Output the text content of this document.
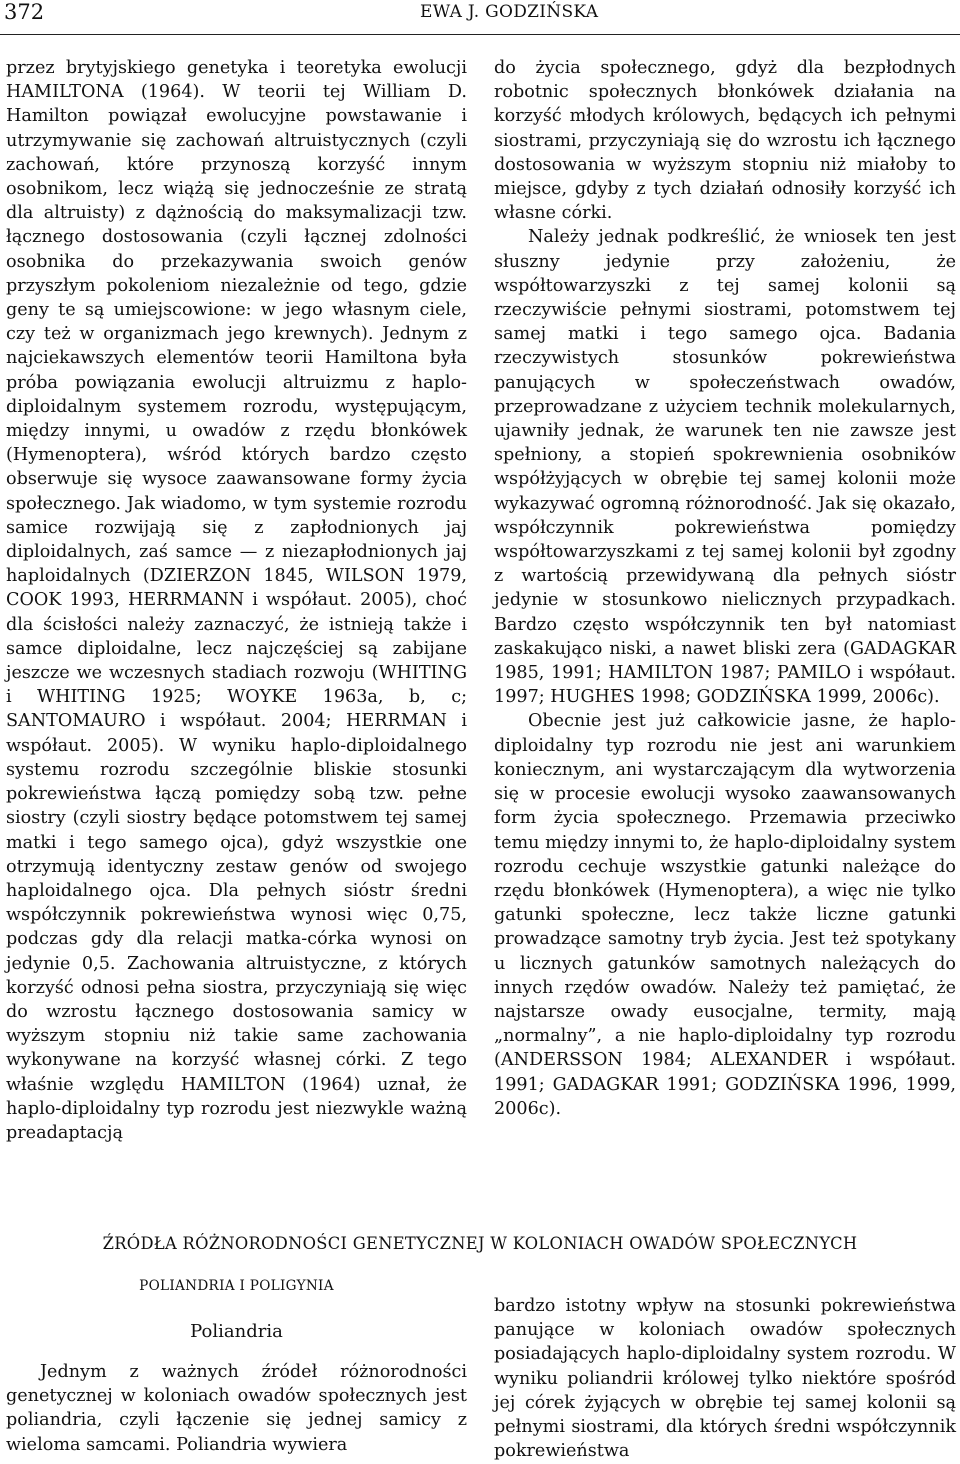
372	EWA J. GODZIŃSKA

przez brytyjskiego genetyka i teoretyka ewolucji HAMILTONA (1964). W teorii tej William D. Hamilton powiązał ewolucyjne powstawanie i utrzymywanie się zachowań altruistycznych (czyli zachowań, które przynoszą korzyść innym osobnikom, lecz wiążą się jednocześnie ze stratą dla altruisty) z dążnością do maksymalizacji tzw. łącznego dostosowania (czyli łącznej zdolności osobnika do przekazywania swoich genów przyszłym pokoleniom niezależnie od tego, gdzie geny te są umiejscowione: w jego własnym ciele, czy też w organizmach jego krewnych). Jednym z najciekawszych elementów teorii Hamiltona była próba powiązania ewolucji altruizmu z haplo-diploidalnym systemem rozrodu, występującym, między innymi, u owadów z rzędu błonkówek (Hymenoptera), wśród których bardzo często obserwuje się wysoce zaawansowane formy życia społecznego. Jak wiadomo, w tym systemie rozrodu samice rozwijają się z zapłodnionych jaj diploidalnych, zaś samce — z niezapłodnionych jaj haploidalnych (DZIERZON 1845, WILSON 1979, COOK 1993, HERRMANN i współaut. 2005), choć dla ścisłości należy zaznaczyć, że istnieją także i samce diploidalne, lecz najczęściej są zabijane jeszcze we wczesnych stadiach rozwoju (WHITING i WHITING 1925; WOYKE 1963a, b, c; SANTOMAURO i współaut. 2004; HERRMAN i współaut. 2005). W wyniku haplo-diploidalnego systemu rozrodu szczególnie bliskie stosunki pokrewieństwa łączą pomiędzy sobą tzw. pełne siostry (czyli siostry będące potomstwem tej samej matki i tego samego ojca), gdyż wszystkie one otrzymują identyczny zestaw genów od swojego haploidalnego ojca. Dla pełnych sióstr średni współczynnik pokrewieństwa wynosi więc 0,75, podczas gdy dla relacji matka-córka wynosi on jedynie 0,5. Zachowania altruistyczne, z których korzyść odnosi pełna siostra, przyczyniają się więc do wzrostu łącznego dostosowania samicy w wyższym stopniu niż takie same zachowania wykonywane na korzyść własnej córki. Z tego właśnie względu HAMILTON (1964) uznał, że haplo-diploidalny typ rozrodu jest niezwykle ważną preadaptacją

do życia społecznego, gdyż dla bezpłodnych robotnic społecznych błonkówek działania na korzyść młodych królowych, będących ich pełnymi siostrami, przyczyniają się do wzrostu ich łącznego dostosowania w wyższym stopniu niż miałoby to miejsce, gdyby z tych działań odnosiły korzyść ich własne córki.

Należy jednak podkreślić, że wniosek ten jest słuszny jedynie przy założeniu, że współtowarzyszki z tej samej kolonii są rzeczywiście pełnymi siostrami, potomstwem tej samej matki i tego samego ojca. Badania rzeczywistych stosunków pokrewieństwa panujących w społeczeństwach owadów, przeprowadzane z użyciem technik molekularnych, ujawniły jednak, że warunek ten nie zawsze jest spełniony, a stopień spokrewnienia osobników współżyjących w obrębie tej samej kolonii może wykazywać ogromną różnorodność. Jak się okazało, współczynnik pokrewieństwa pomiędzy współtowarzyszkami z tej samej kolonii był zgodny z wartością przewidywaną dla pełnych sióstr jedynie w stosunkowo nielicznych przypadkach. Bardzo często współczynnik ten był natomiast zaskakująco niski, a nawet bliski zera (GADAGKAR 1985, 1991; HAMILTON 1987; PAMILO i współaut. 1997; HUGHES 1998; GODZIŃSKA 1999, 2006c).

Obecnie jest już całkowicie jasne, że haplo-diploidalny typ rozrodu nie jest ani warunkiem koniecznym, ani wystarczającym dla wytworzenia się w procesie ewolucji wysoko zaawansowanych form życia społecznego. Przemawia przeciwko temu między innymi to, że haplo-diploidalny system rozrodu cechuje wszystkie gatunki należące do rzędu błonkówek (Hymenoptera), a więc nie tylko gatunki społeczne, lecz także liczne gatunki prowadzące samotny tryb życia. Jest też spotykany u licznych gatunków samotnych należących do innych rzędów owadów. Należy też pamiętać, że najstarsze owady eusocjalne, termity, mają „normalny”, a nie haplo-diploidalny typ rozrodu (ANDERSSON 1984; ALEXANDER i współaut. 1991; GADAGKAR 1991; GODZIŃSKA 1996, 1999, 2006c).

ŹRÓDŁA RÓŻNORODNOŚCI GENETYCZNEJ W KOLONIACH OWADÓW SPOŁECZNYCH
POLIANDRIA I POLIGYNIA
Poliandria

Jednym z ważnych źródeł różnorodności genetycznej w koloniach owadów społecznych jest poliandria, czyli łączenie się jednej samicy z wieloma samcami. Poliandria wywiera

bardzo istotny wpływ na stosunki pokrewieństwa panujące w koloniach owadów społecznych posiadających haplo-diploidalny system rozrodu. W wyniku poliandrii królowej tylko niektóre spośród jej córek żyjących w obrębie tej samej kolonii są pełnymi siostrami, dla których średni współczynnik pokrewieństwa
